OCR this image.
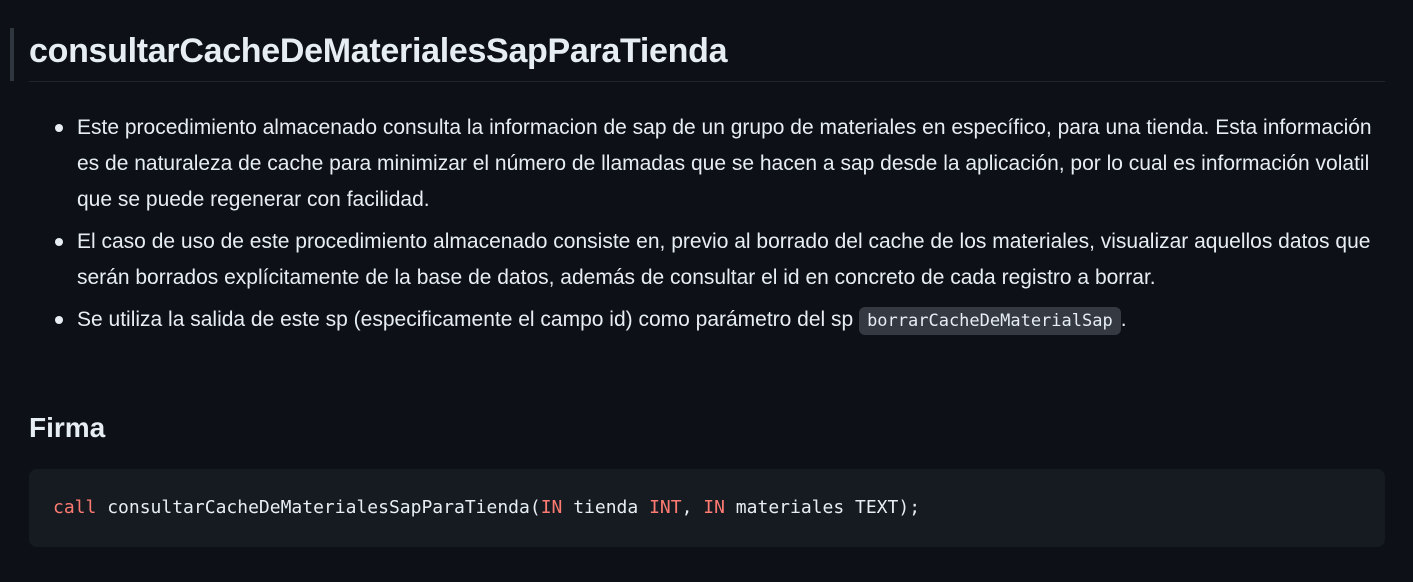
consultarCacheDeMaterialesSapParaTienda
Este procedimiento almacenado consulta la informacion de sap de un grupo de materiales en específico, para una tienda. Esta información es de naturaleza de cache para minimizar el número de llamadas que se hacen a sap desde la aplicación, por lo cual es información volatil que se puede regenerar con facilidad.
El caso de uso de este procedimiento almacenado consiste en, previo al borrado del cache de los materiales, visualizar aquellos datos que serán borrados explícitamente de la base de datos, además de consultar el id en concreto de cada registro a borrar.
Se utiliza la salida de este sp (especificamente el campo id) como parámetro del sp borrarCacheDeMaterialSap .
Firma
call consultarCacheDeMaterialesSapParaTienda(IN tienda INT, IN materiales TEXT);
